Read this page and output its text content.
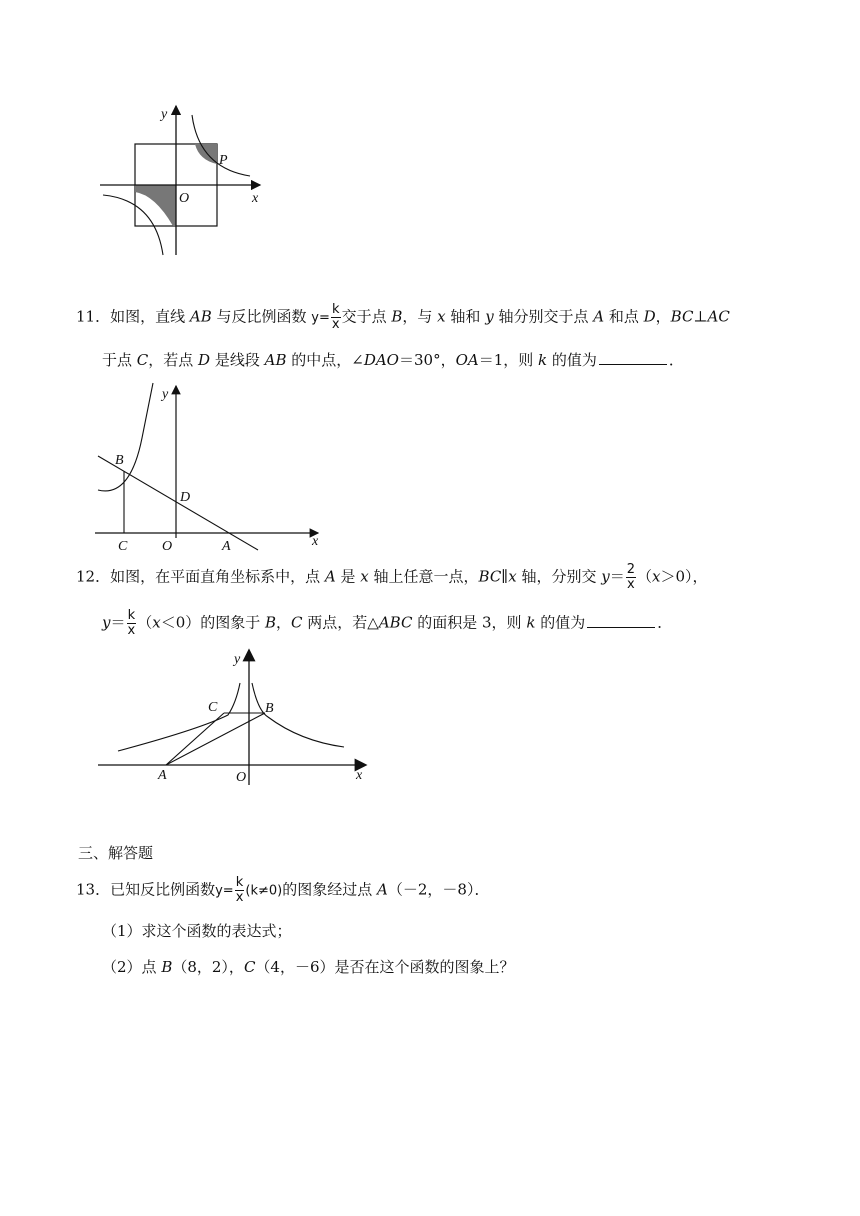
y
x
O
P
11．如图，直线 AB 与反比例函数 $y= \frac{k}{x}$ 交于点 B，与 x 轴和 y 轴分别交于点 A 和点 D，BC⊥AC
于点 C，若点 D 是线段 AB 的中点，∠DAO＝30°，OA＝1，则 k 的值为	．
y
x
B
D
C O	A
12．如图，在平面直角坐标系中，点 A 是 x 轴上任意一点，BC∥x 轴，分别交 $y= \frac{2}{x} (x>0)$，
$y= \frac{k}{x} (x<0)$的图象于 B，C 两点，若△ABC 的面积是 3，则 k 的值为	．
y
x
C	B
A	O
三、解答题
13．已知反比例函数$y= \frac{k}{x} (k\ne 0)$的图象经过点 A（－2，－8）．
（1）求这个函数的表达式；
（2）点 B（8，2），C（4，－6）是否在这个函数的图象上？
